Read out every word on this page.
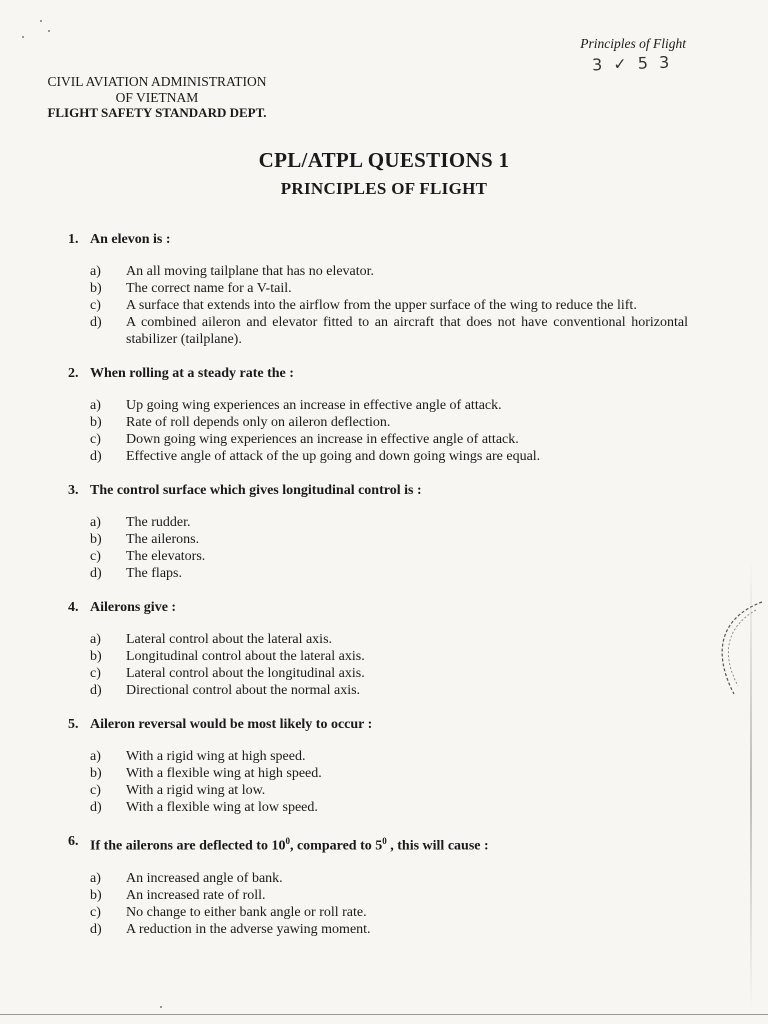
Principles of Flight
3 ✓ 5 3
CIVIL AVIATION ADMINISTRATION
OF VIETNAM
FLIGHT SAFETY STANDARD DEPT.
CPL/ATPL QUESTIONS 1
PRINCIPLES OF FLIGHT
1. An elevon is :
a)	An all moving tailplane that has no elevator.
b)	The correct name for a V-tail.
c)	A surface that extends into the airflow from the upper surface of the wing to reduce the lift.
d)	A combined aileron and elevator fitted to an aircraft that does not have conventional horizontal stabilizer (tailplane).
2. When rolling at a steady rate the :
a)	Up going wing experiences an increase in effective angle of attack.
b)	Rate of roll depends only on aileron deflection.
c)	Down going wing experiences an increase in effective angle of attack.
d)	Effective angle of attack of the up going and down going wings are equal.
3. The control surface which gives longitudinal control is :
a)	The rudder.
b)	The ailerons.
c)	The elevators.
d)	The flaps.
4. Ailerons give :
a)	Lateral control about the lateral axis.
b)	Longitudinal control about the lateral axis.
c)	Lateral control about the longitudinal axis.
d)	Directional control about the normal axis.
5. Aileron reversal would be most likely to occur :
a)	With a rigid wing at high speed.
b)	With a flexible wing at high speed.
c)	With a rigid wing at low.
d)	With a flexible wing at low speed.
6. If the ailerons are deflected to $10^0$, compared to $5^0$ , this will cause :
a)	An increased angle of bank.
b)	An increased rate of roll.
c)	No change to either bank angle or roll rate.
d)	A reduction in the adverse yawing moment.
